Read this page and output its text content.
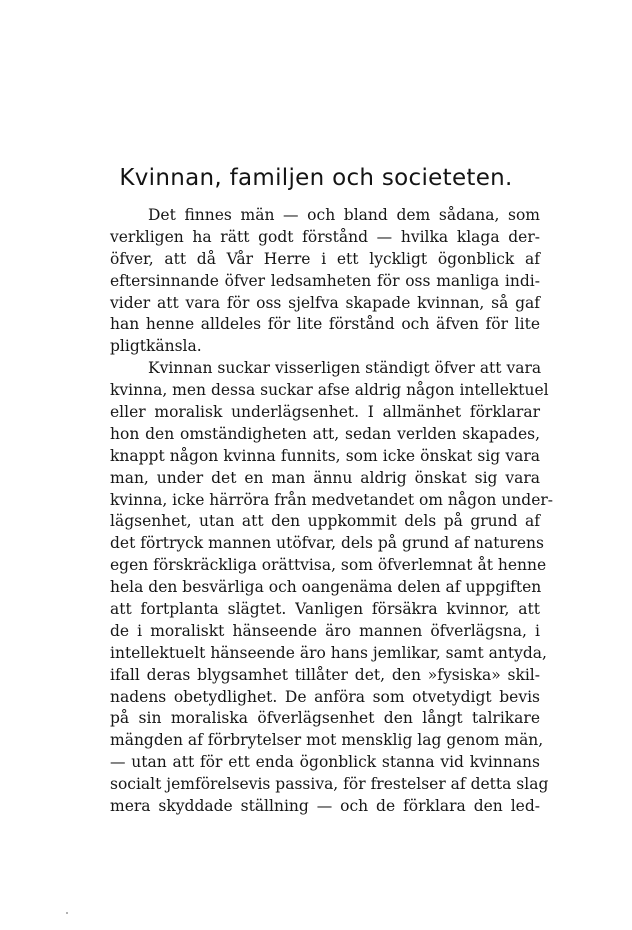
Kvinnan, familjen och societeten.
Det finnes män — och bland dem sådana, som
verkligen ha rätt godt förstånd — hvilka klaga der-
öfver, att då Vår Herre i ett lyckligt ögonblick af
eftersinnande öfver ledsamheten för oss manliga indi-
vider att vara för oss sjelfva skapade kvinnan, så gaf
han henne alldeles för lite förstånd och äfven för lite
pligtkänsla.
Kvinnan suckar visserligen ständigt öfver att vara
kvinna, men dessa suckar afse aldrig någon intellektuel
eller moralisk underlägsenhet. I allmänhet förklarar
hon den omständigheten att, sedan verlden skapades,
knappt någon kvinna funnits, som icke önskat sig vara
man, under det en man ännu aldrig önskat sig vara
kvinna, icke härröra från medvetandet om någon under-
lägsenhet, utan att den uppkommit dels på grund af
det förtryck mannen utöfvar, dels på grund af naturens
egen förskräckliga orättvisa, som öfverlemnat åt henne
hela den besvärliga och oangenäma delen af uppgiften
att fortplanta slägtet. Vanligen försäkra kvinnor, att
de i moraliskt hänseende äro mannen öfverlägsna, i
intellektuelt hänseende äro hans jemlikar, samt antyda,
ifall deras blygsamhet tillåter det, den »fysiska» skil-
nadens obetydlighet. De anföra som otvetydigt bevis
på sin moraliska öfverlägsenhet den långt talrikare
mängden af förbrytelser mot mensklig lag genom män,
— utan att för ett enda ögonblick stanna vid kvinnans
socialt jemförelsevis passiva, för frestelser af detta slag
mera skyddade ställning — och de förklara den led-
